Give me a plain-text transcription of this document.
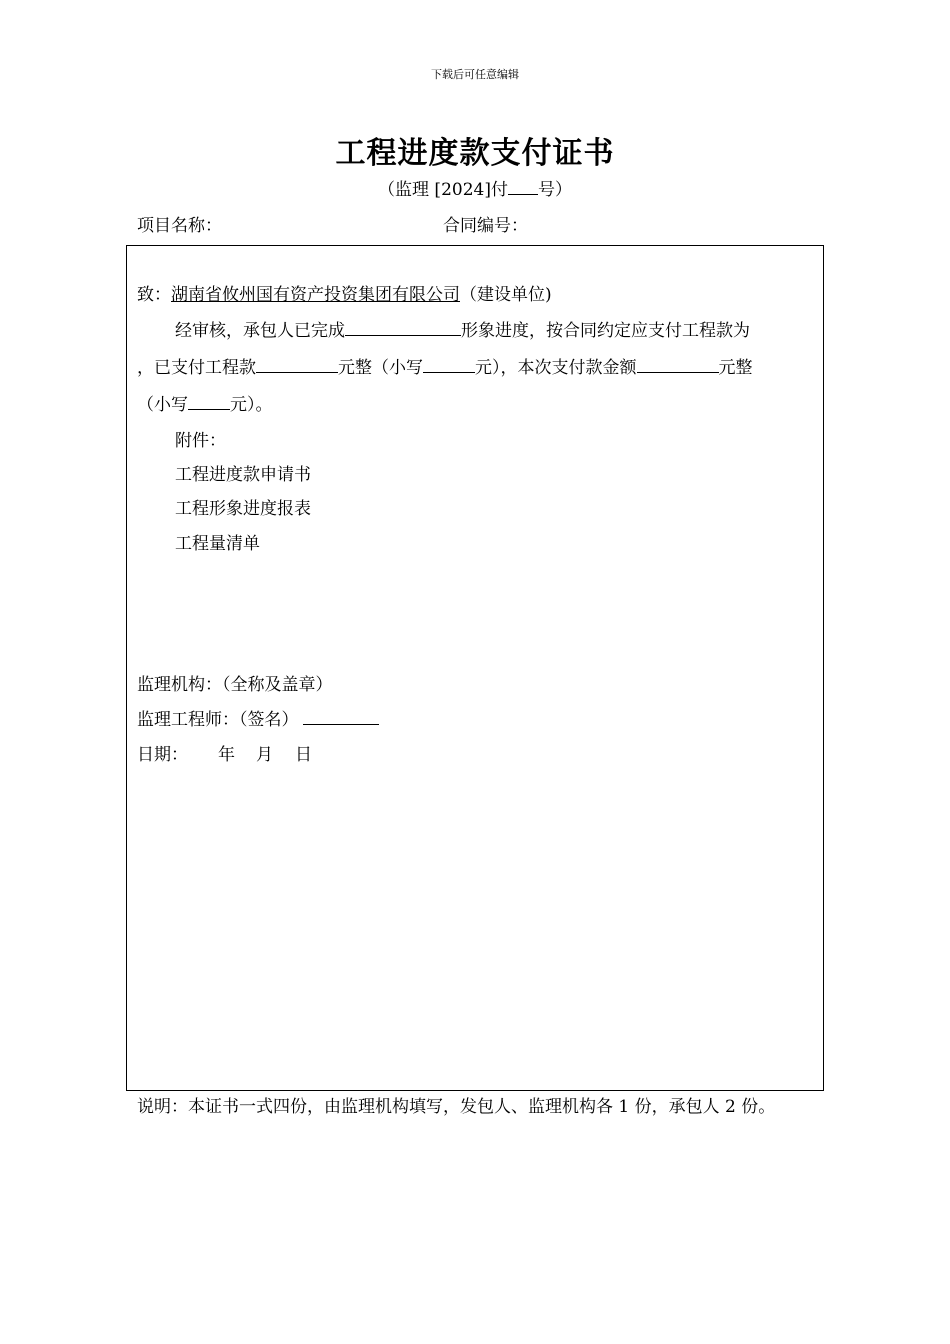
下载后可任意编辑
工程进度款支付证书
（监理 [2024]付 号）
项目名称：	合同编号：
致：湖南省攸州国有资产投资集团有限公司（建设单位)
经审核，承包人已完成	形象进度，按合同约定应支付工程款为
，已支付工程款	元整（小写	元），本次支付款金额	元整
（小写 元）。
附件：
工程进度款申请书
工程形象进度报表
工程量清单
监理机构：（全称及盖章）
监理工程师：（签名）
日期： 年 月 日
说明：本证书一式四份，由监理机构填写，发包人、监理机构各 1 份，承包人 2 份。
